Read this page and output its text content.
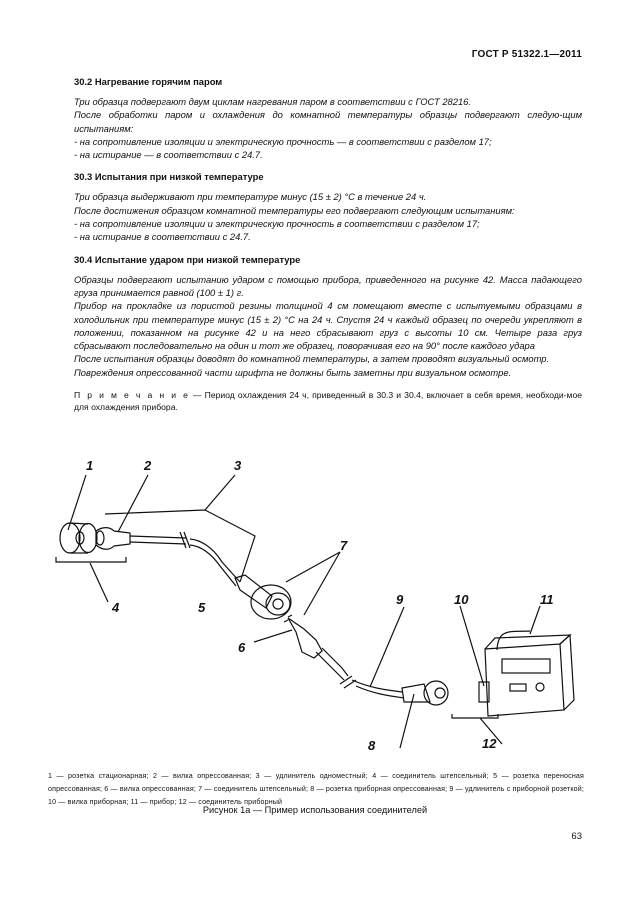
ГОСТ Р 51322.1—2011
30.2 Нагревание горячим паром

Три образца подвергают двум циклам нагревания паром в соответствии с ГОСТ 28216.

После обработки паром и охлаждения до комнатной температуры образцы подвергают следую-щим испытаниям:

- на сопротивление изоляции и электрическую прочность — в соответствии с разделом 17;

- на истирание — в соответствии с 24.7.

30.3 Испытания при низкой температуре

Три образца выдерживают при температуре минус (15 ± 2) °С в течение 24 ч.

После достижения образцом комнатной температуры его подвергают следующим испытаниям:

- на сопротивление изоляции и электрическую прочность в соответствии с разделом 17;

- на истирание в соответствии с 24.7.

30.4 Испытание ударом при низкой температуре

Образцы подвергают испытанию ударом с помощью прибора, приведенного на рисунке 42. Масса падающего груза принимается равной (100 ± 1) г.

Прибор на прокладке из пористой резины толщиной 4 см помещают вместе с испытуемыми образцами в холодильник при температуре минус (15 ± 2) °С на 24 ч. Спустя 24 ч каждый образец по очереди укрепляют в положении, показанном на рисунке 42 и на него сбрасывают груз с высоты 10 см. Четыре раза груз сбрасывают последовательно на один и тот же образец, поворачивая его на 90° после каждого удара

После испытания образцы доводят до комнатной температуры, а затем проводят визуальный осмотр.

Повреждения опрессованной части шрифта не должны быть заметны при визуальном осмотре.

П р и м е ч а н и е — Период охлаждения 24 ч, приведенный в 30.3 и 30.4, включает в себя время, необходи-мое для охлаждения прибора.

1	2	3
4	5
6
7
8
9	10	11
12
1 — розетка стационарная; 2 — вилка опрессованная; 3 — удлинитель одноместный; 4 — соединитель штепсельный; 5 — розетка переносная опрессованная; 6 — вилка опрессованная; 7 — соединитель штепсельный; 8 — розетка приборная опрессованная; 9 — удлинитель с приборной розеткой; 10 — вилка приборная; 11 — прибор; 12 — соединитель приборный
Рисунок 1а — Пример использования соединителей
63
